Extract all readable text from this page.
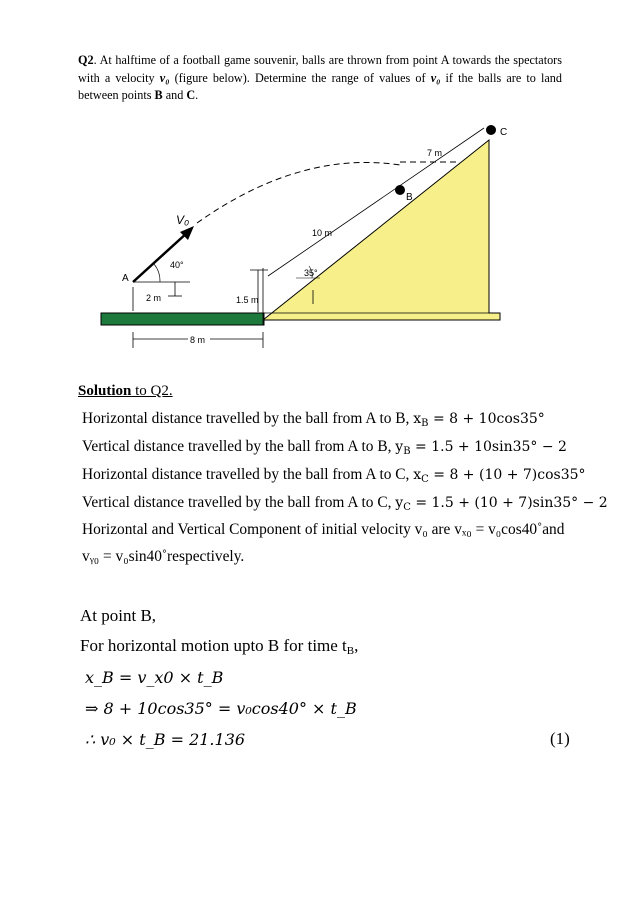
Q2. At halftime of a football game souvenir, balls are thrown from point A towards the spectators with a velocity v₀ (figure below). Determine the range of values of v₀ if the balls are to land between points B and C.
A
B
C
V₀
40°
35°
2 m
8 m
1.5 m
10 m
7 m
Solution to Q2.
Horizontal distance travelled by the ball from A to B, $x_B = 8 + 10\cos 35^\circ$
Vertical distance travelled by the ball from A to B, $y_B = 1.5 + 10\sin 35^\circ - 2$
Horizontal distance travelled by the ball from A to C, $x_C = 8 + (10 + 7)\cos 35^\circ$
Vertical distance travelled by the ball from A to C, $y_C = 1.5 + (10 + 7)\sin 35^\circ - 2$
Horizontal and Vertical Component of initial velocity v₀ are vₓ₀ = v₀cos40˚and
vᵧ₀ = v₀sin40˚respectively.
At point B,
For horizontal motion upto B for time tB,
x_B = v_x0 × t_B
⇒ 8 + 10cos35° = v₀cos40° × t_B
∴ v₀ × t_B = 21.136	(1)
